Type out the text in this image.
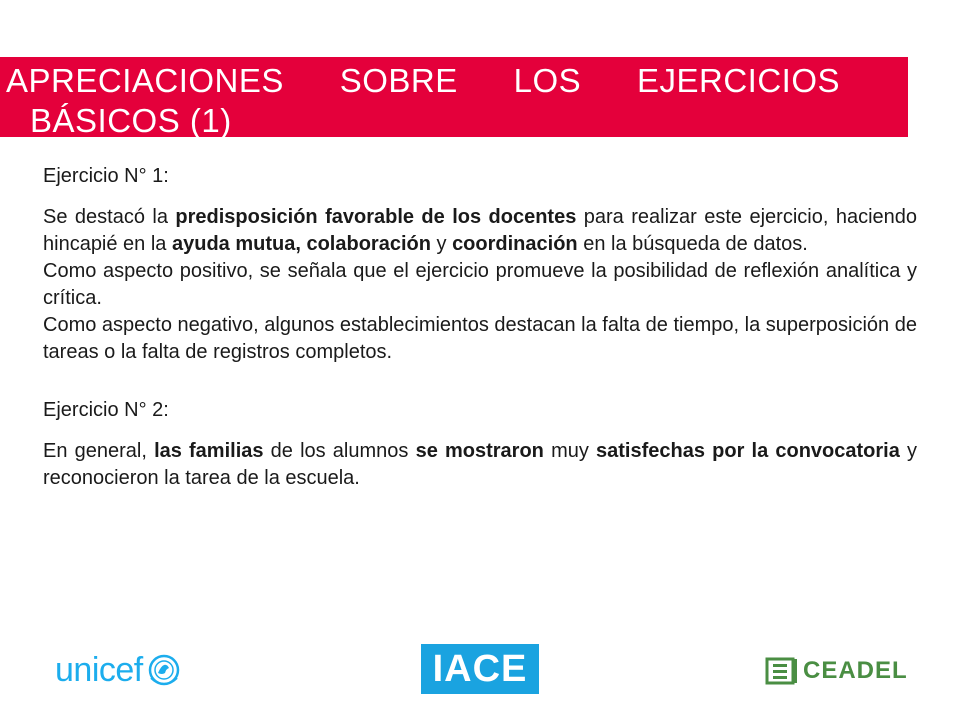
APRECIACIONES SOBRE LOS EJERCICIOS
BÁSICOS (1)
Ejercicio N° 1:

Se destacó la predisposición favorable de los docentes para realizar este ejercicio, haciendo hincapié en la ayuda mutua, colaboración y coordinación en la búsqueda de datos.

Como aspecto positivo, se señala que el ejercicio promueve la posibilidad de reflexión analítica y crítica.

Como aspecto negativo, algunos establecimientos destacan la falta de tiempo, la superposición de tareas o la falta de registros completos.

Ejercicio N° 2:

En general, las familias de los alumnos se mostraron muy satisfechas por la convocatoria y reconocieron la tarea de la escuela.

unicef	IACE	CEADEL
